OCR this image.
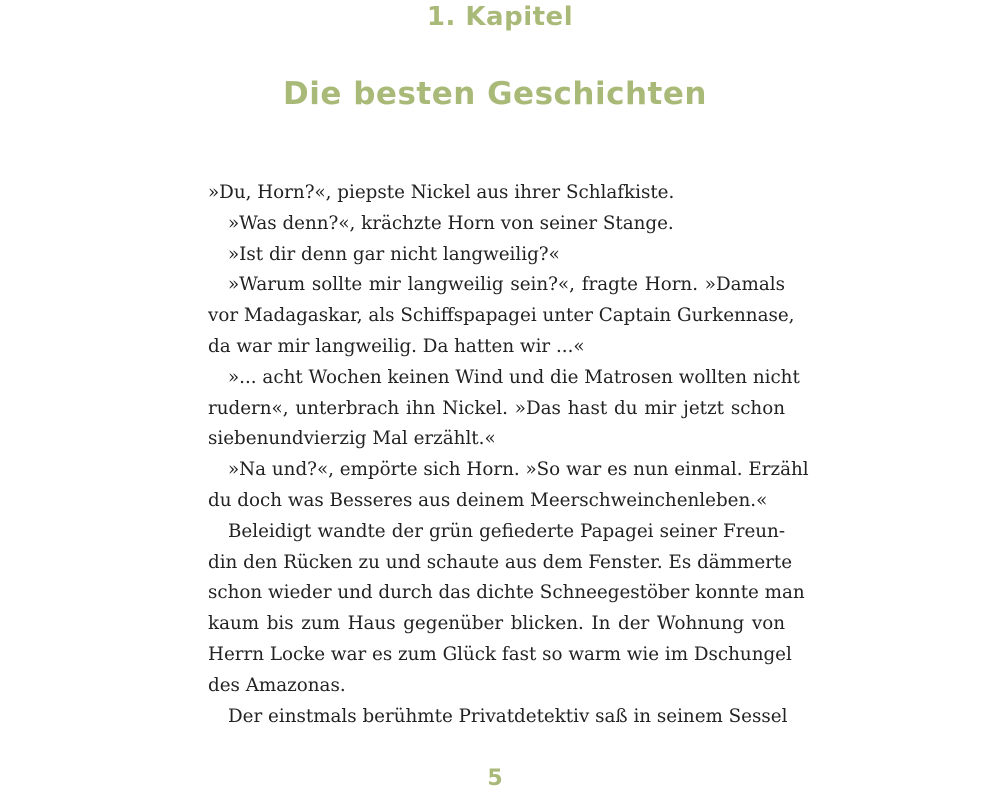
1. Kapitel
Die besten Geschichten

»Du, Horn?«, piepste Nickel aus ihrer Schlafkiste.

»Was denn?«, krächzte Horn von seiner Stange.

»Ist dir denn gar nicht langweilig?«

»Warum sollte mir langweilig sein?«, fragte Horn. »Damals

vor Madagaskar, als Schiffspapagei unter Captain Gurkennase,

da war mir langweilig. Da hatten wir ...«

»... acht Wochen keinen Wind und die Matrosen wollten nicht

rudern«, unterbrach ihn Nickel. »Das hast du mir jetzt schon

siebenundvierzig Mal erzählt.«

»Na und?«, empörte sich Horn. »So war es nun einmal. Erzähl

du doch was Besseres aus deinem Meerschweinchenleben.«

Beleidigt wandte der grün gefiederte Papagei seiner Freun-

din den Rücken zu und schaute aus dem Fenster. Es dämmerte

schon wieder und durch das dichte Schneegestöber konnte man

kaum bis zum Haus gegenüber blicken. In der Wohnung von

Herrn Locke war es zum Glück fast so warm wie im Dschungel

des Amazonas.

Der einstmals berühmte Privatdetektiv saß in seinem Sessel

5
